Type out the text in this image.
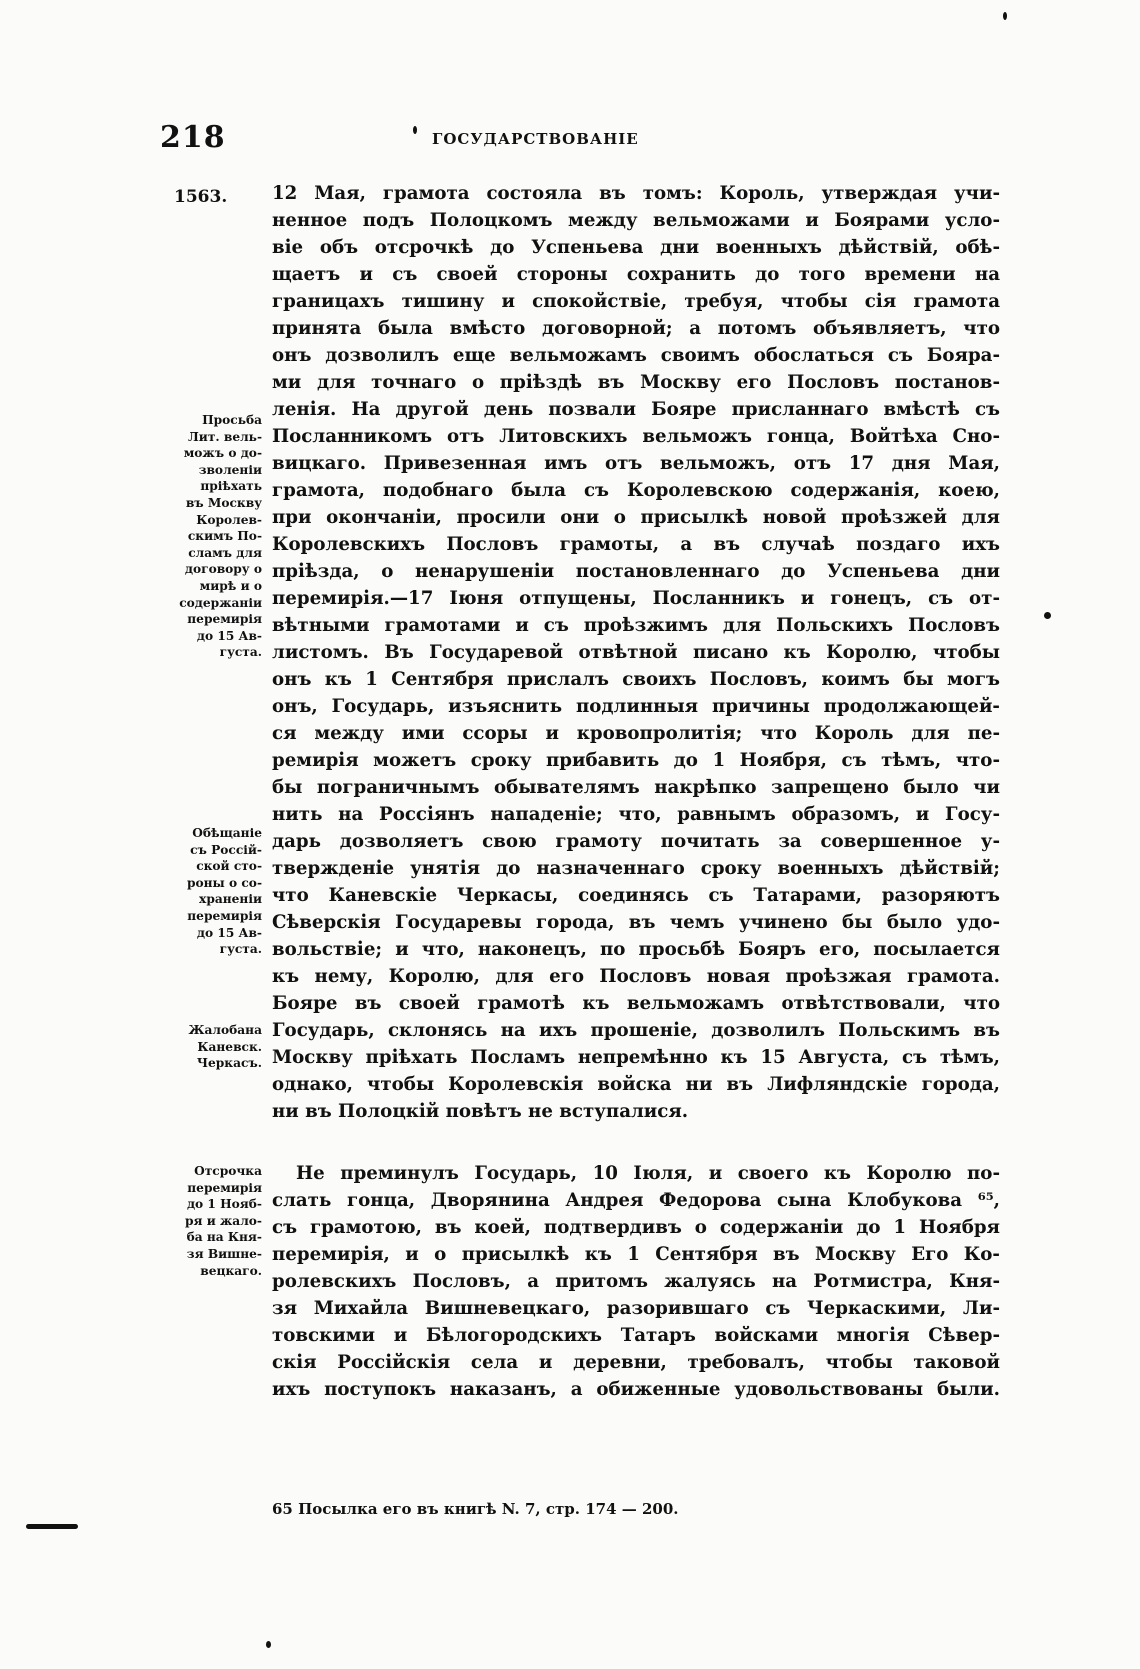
218	ГОСУДАРСТВОВАНIE
1563. 12 Мая, грамота состояла въ томъ: Король, утверждая учи-
ненное подъ Полоцкомъ между вельможами и Боярами усло-
віе объ отсрочкѣ до Успеньева дни военныхъ дѣйствій, обѣ-
щаетъ и съ своей стороны сохранить до того времени на
границахъ тишину и спокойствіе, требуя, чтобы сія грамота
принята была вмѣсто договорной; а потомъ объявляетъ, что
онъ дозволилъ еще вельможамъ своимъ обослаться съ Боярa-
ми для точнаго о пріѣздѣ въ Москву его Пословъ постанов-
ленія. На другой день позвали Бояре присланнаго вмѣстѣ съ
Посланникомъ отъ Литовскихъ вельможъ гонца, Войтѣха Сно-
вицкаго. Привезенная имъ отъ вельможъ, отъ 17 дня Мая,
грамота, подобнаго была съ Королевскою содержанія, коею,
при окончаніи, просили они о присылкѣ новой проѣзжей для
Королевскихъ Пословъ грамоты, а въ случаѣ поздаго ихъ
пріѣзда, о ненарушеніи постановленнаго до Успеньева дни
перемирія.—17 Іюня отпущены, Посланникъ и гонецъ, съ от-
вѣтными грамотами и съ проѣзжимъ для Польскихъ Пословъ
листомъ. Въ Государевой отвѣтной писано къ Королю, чтобы
онъ къ 1 Сентября прислалъ своихъ Пословъ, коимъ бы могъ
онъ, Государь, изъяснить подлинныя причины продолжающей-
ся между ими ссоры и кровопролитія; что Король для пе-
ремирія можетъ сроку прибавить до 1 Ноября, съ тѣмъ, что-
бы пограничнымъ обывателямъ накрѣпко запрещено было чи
нить на Россіянъ нападеніе; что, равнымъ образомъ, и Госу-
дарь дозволяетъ свою грамоту почитать за совершенное у-
твержденіе унятія до назначеннаго сроку военныхъ дѣйствій;
что Каневскіе Черкасы, соединясь съ Татарами, разоряютъ
Сѣверскія Государевы города, въ чемъ учинено бы было удо-
вольствіе; и что, наконецъ, по просьбѣ Бояръ его, посылается
къ нему, Королю, для его Пословъ новая проѣзжая грамота.
Бояре въ своей грамотѣ къ вельможамъ отвѣтствовали, что
Государь, склонясь на ихъ прошеніе, дозволилъ Польскимъ въ
Москву пріѣхать Посламъ непремѣнно къ 15 Августа, съ тѣмъ,
однако, чтобы Королевскія войска ни въ Лифляндскіе города,
ни въ Полоцкій повѣтъ не вступалися.
Не преминулъ Государь, 10 Іюля, и своего къ Королю по-
слать гонца, Дворянина Андрея Федорова сына Клобукова ⁶⁵,
съ грамотою, въ коей, подтвердивъ о содержаніи до 1 Ноября
перемирія, и о присылкѣ къ 1 Сентября въ Москву Его Ко-
ролевскихъ Пословъ, а притомъ жалуясь на Ротмистра, Кня-
зя Михайла Вишневецкаго, разорившаго съ Черкаскими, Ли-
товскими и Бѣлогородскихъ Татаръ войсками многія Сѣвер-
скія Россійскія села и деревни, требовалъ, чтобы таковой
ихъ поступокъ наказанъ, а обиженные удовольствованы были.
Просьба
Лит. вель-
можъ о до-
зволеніи
пріѣхать
въ Москву
Королев-
скимъ По-
сламъ для
договору о
мирѣ и о
содержаніи
перемирія
до 15 Ав-
густа.
Обѣщаніе
съ Россій-
ской сто-
роны о со-
храненіи
перемирія
до 15 Ав-
густа.
Жалобана
Каневск.
Черкасъ.
Отсрочка
перемирія
до 1 Нояб-
ря и жало-
ба на Кня-
зя Вишне-
вецкаго.
65 Посылка его въ книгѣ N. 7, стр. 174 — 200.
